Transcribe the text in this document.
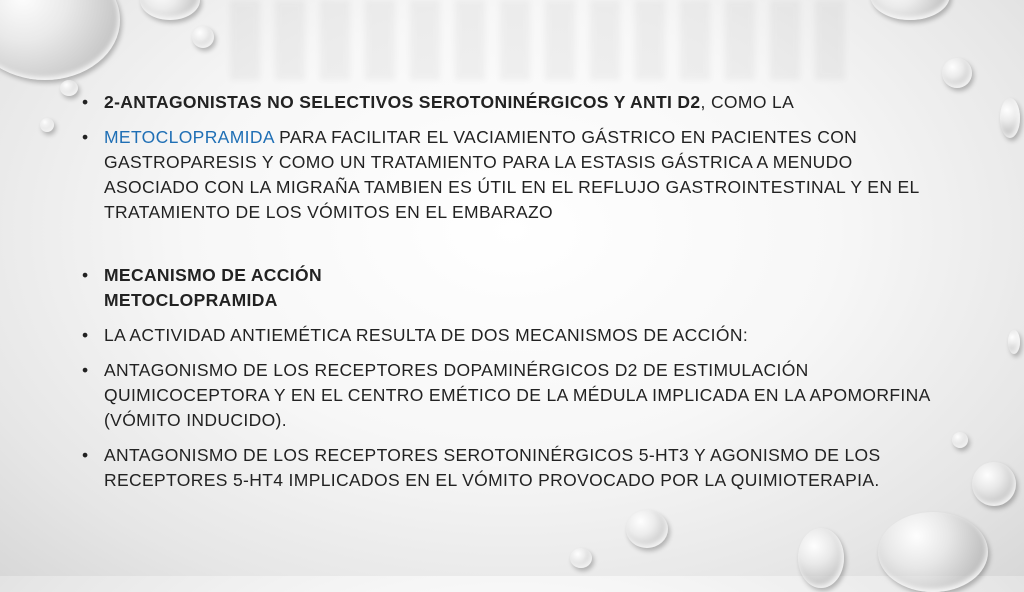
• 2-ANTAGONISTAS NO SELECTIVOS SEROTONINÉRGICOS Y ANTI D2, COMO LA
• METOCLOPRAMIDA PARA FACILITAR EL VACIAMIENTO GÁSTRICO EN PACIENTES CON GASTROPARESIS Y COMO UN TRATAMIENTO PARA LA ESTASIS GÁSTRICA A MENUDO ASOCIADO CON LA MIGRAÑA TAMBIEN ES ÚTIL EN EL REFLUJO GASTROINTESTINAL Y EN EL TRATAMIENTO DE LOS VÓMITOS EN EL EMBARAZO
• MECANISMO DE ACCIÓN
METOCLOPRAMIDA
• LA ACTIVIDAD ANTIEMÉTICA RESULTA DE DOS MECANISMOS DE ACCIÓN:
• ANTAGONISMO DE LOS RECEPTORES DOPAMINÉRGICOS D2 DE ESTIMULACIÓN QUIMICOCEPTORA Y EN EL CENTRO EMÉTICO DE LA MÉDULA IMPLICADA EN LA APOMORFINA (VÓMITO INDUCIDO).
• ANTAGONISMO DE LOS RECEPTORES SEROTONINÉRGICOS 5-HT3 Y AGONISMO DE LOS RECEPTORES 5-HT4 IMPLICADOS EN EL VÓMITO PROVOCADO POR LA QUIMIOTERAPIA.
